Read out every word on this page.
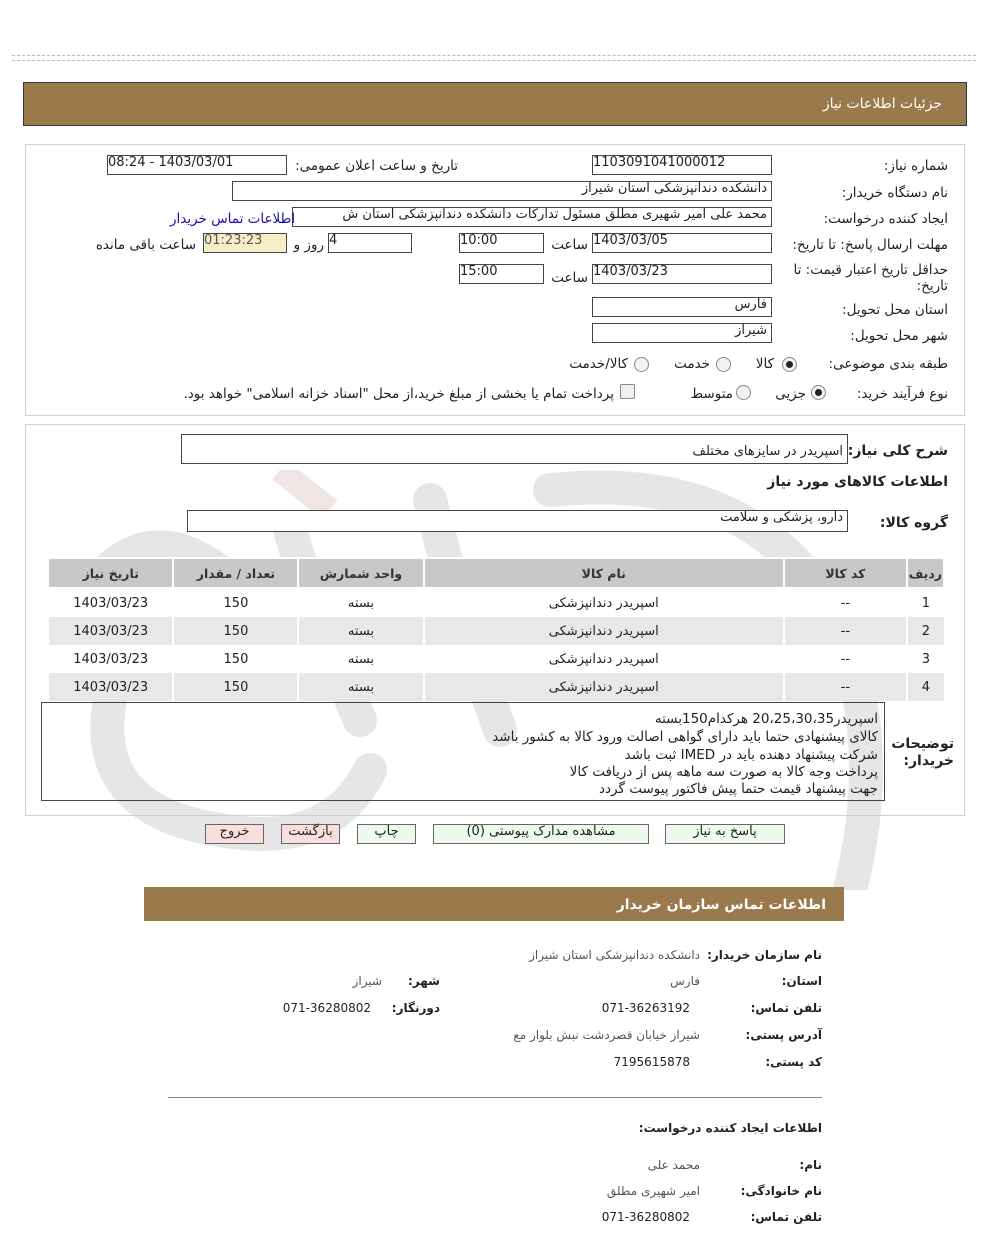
جزئیات اطلاعات نیاز
شماره نیاز:
1103091041000012
تاریخ و ساعت اعلان عمومی:
1403/03/01 - 08:24
نام دستگاه خریدار:
دانشکده دندانپزشکی استان شیراز
ایجاد کننده درخواست:
محمد علی امیر شهیری مطلق مسئول تدارکات دانشکده دندانپزشکی استان ش
اطلاعات تماس خریدار
مهلت ارسال پاسخ: تا تاریخ:
1403/03/05
ساعت
10:00
4
روز و
01:23:23
ساعت باقی مانده
حداقل تاریخ اعتبار قیمت: تا تاریخ:
1403/03/23
ساعت
15:00
استان محل تحویل:
فارس
شهر محل تحویل:
شیراز
طبقه بندی موضوعی:
کالا
خدمت
کالا/خدمت
نوع فرآیند خرید:
جزیی
متوسط
پرداخت تمام یا بخشی از مبلغ خرید،از محل "اسناد خزانه اسلامی" خواهد بود.
شرح کلی نیاز:
اسپریدر در سایزهای مختلف
اطلاعات کالاهای مورد نیاز
گروه کالا:
دارو، پزشکی و سلامت
ردیف	کد کالا	نام کالا	واحد شمارش	تعداد / مقدار	تاریخ نیاز
1	--	اسپریدر دندانپزشکی	بسته	150	1403/03/23
2	--	اسپریدر دندانپزشکی	بسته	150	1403/03/23
3	--	اسپریدر دندانپزشکی	بسته	150	1403/03/23
4	--	اسپریدر دندانپزشکی	بسته	150	1403/03/23
توضیحات خریدار:
اسپریدر20،25،30،35 هرکدام150بسته
کالای پیشنهادی حتما باید دارای گواهی اصالت ورود کالا به کشور باشد
شرکت پیشنهاد دهنده باید در IMED ثبت باشد
پرداخت وجه کالا به صورت سه ماهه پس از دریافت کالا
جهت پیشنهاد قیمت حتما پیش فاکتور پیوست گردد
پاسخ به نیاز
مشاهده مدارک پیوستی (0)
چاپ
بازگشت
خروج
اطلاعات تماس سازمان خریدار
نام سازمان خریدار:
دانشکده دندانپزشکی استان شیراز
استان:
فارس
شهر:
شیراز
تلفن تماس:
071-36263192
دورنگار:
071-36280802
آدرس پستی:
شیراز خیابان قصردشت نبش بلوار مع
کد پستی:
7195615878
اطلاعات ایجاد کننده درخواست:
نام:
محمد علی
نام خانوادگی:
امیر شهیری مطلق
تلفن تماس:
071-36280802
